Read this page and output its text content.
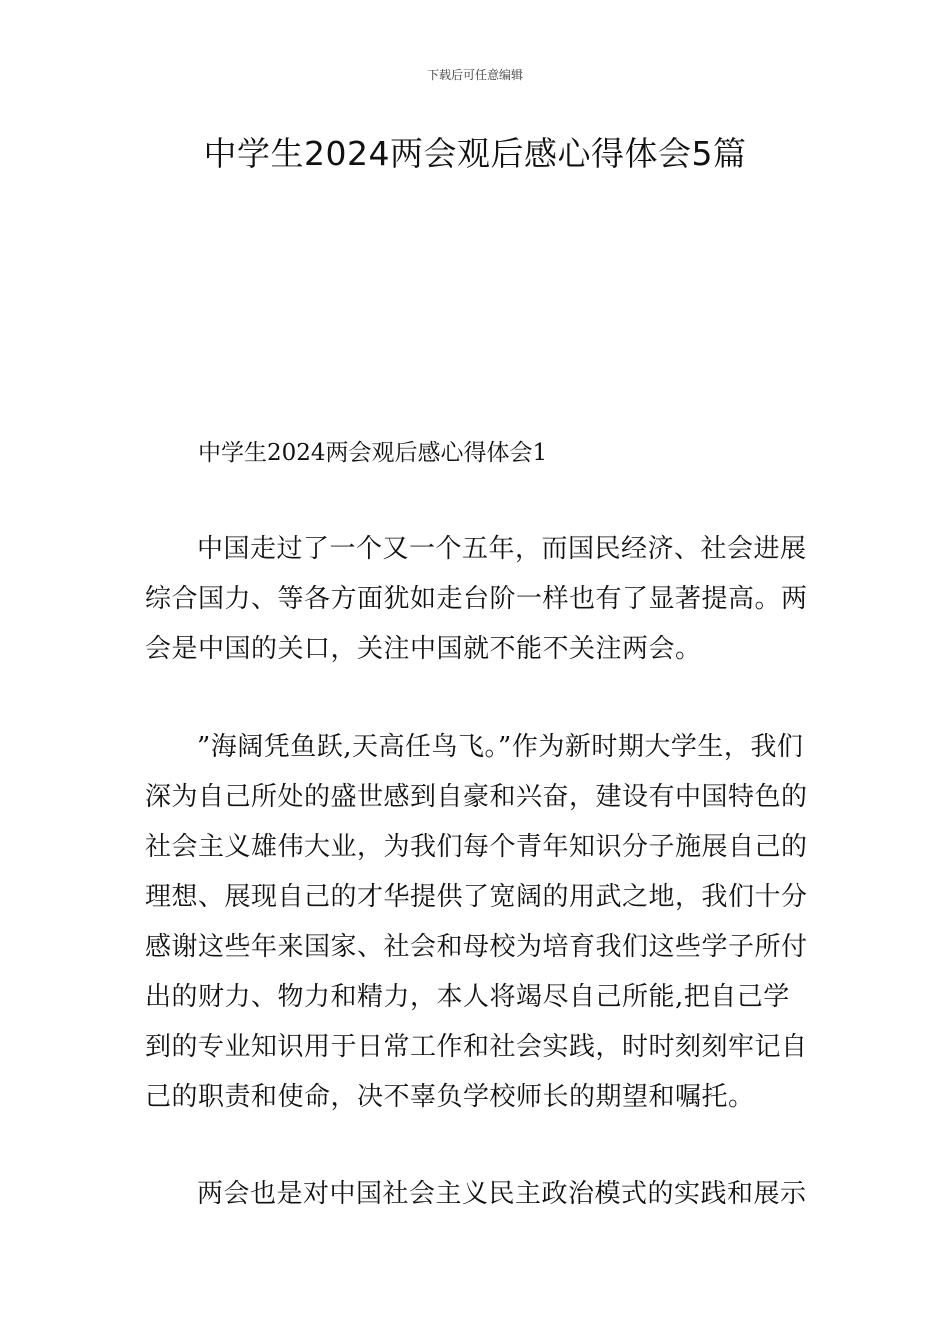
下载后可任意编辑
中学生2024两会观后感心得体会5篇
中学生2024两会观后感心得体会1

中国走过了一个又一个五年，而国民经济、社会进展综合国力、等各方面犹如走台阶一样也有了显著提高。两会是中国的关口，关注中国就不能不关注两会。

”海阔凭鱼跃,天高任鸟飞。”作为新时期大学生，我们深为自己所处的盛世感到自豪和兴奋，建设有中国特色的社会主义雄伟大业，为我们每个青年知识分子施展自己的理想、展现自己的才华提供了宽阔的用武之地，我们十分感谢这些年来国家、社会和母校为培育我们这些学子所付出的财力、物力和精力，本人将竭尽自己所能,把自己学到的专业知识用于日常工作和社会实践，时时刻刻牢记自己的职责和使命，决不辜负学校师长的期望和嘱托。

两会也是对中国社会主义民主政治模式的实践和展示
